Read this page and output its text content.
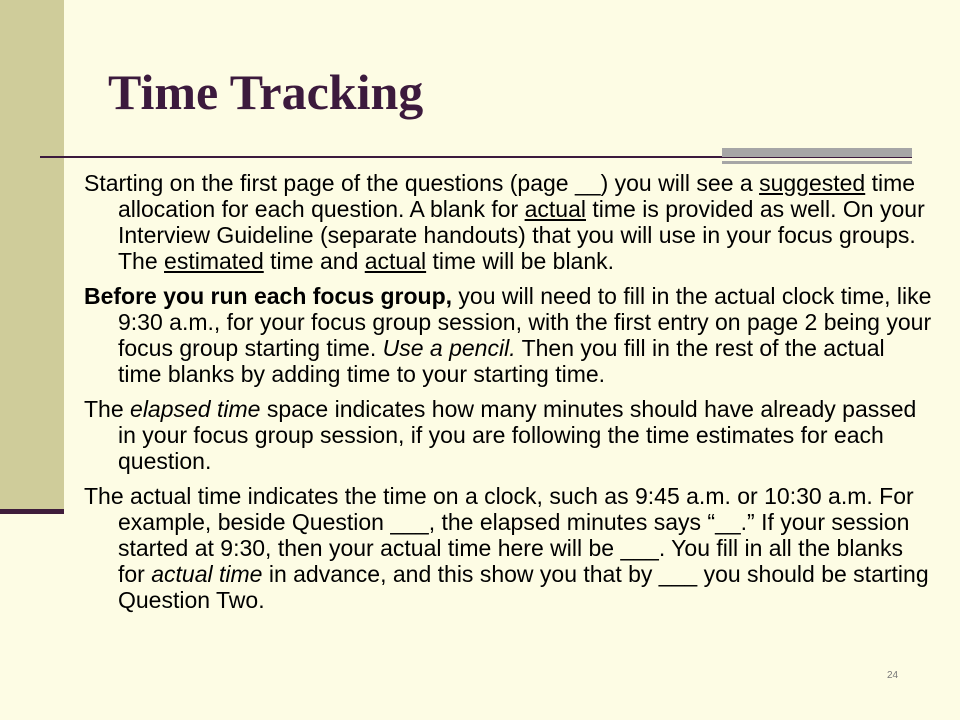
Time Tracking

Starting on the first page of the questions (page __) you will see a suggested time allocation for each question. A blank for actual time is provided as well. On your Interview Guideline (separate handouts) that you will use in your focus groups. The estimated time and actual time will be blank.

Before you run each focus group, you will need to fill in the actual clock time, like 9:30 a.m., for your focus group session, with the first entry on page 2 being your focus group starting time. Use a pencil. Then you fill in the rest of the actual time blanks by adding time to your starting time.

The elapsed time space indicates how many minutes should have already passed in your focus group session, if you are following the time estimates for each question.

The actual time indicates the time on a clock, such as 9:45 a.m. or 10:30 a.m. For example, beside Question ___, the elapsed minutes says “__.” If your session started at 9:30, then your actual time here will be ___. You fill in all the blanks for actual time in advance, and this show you that by ___ you should be starting Question Two.

24
